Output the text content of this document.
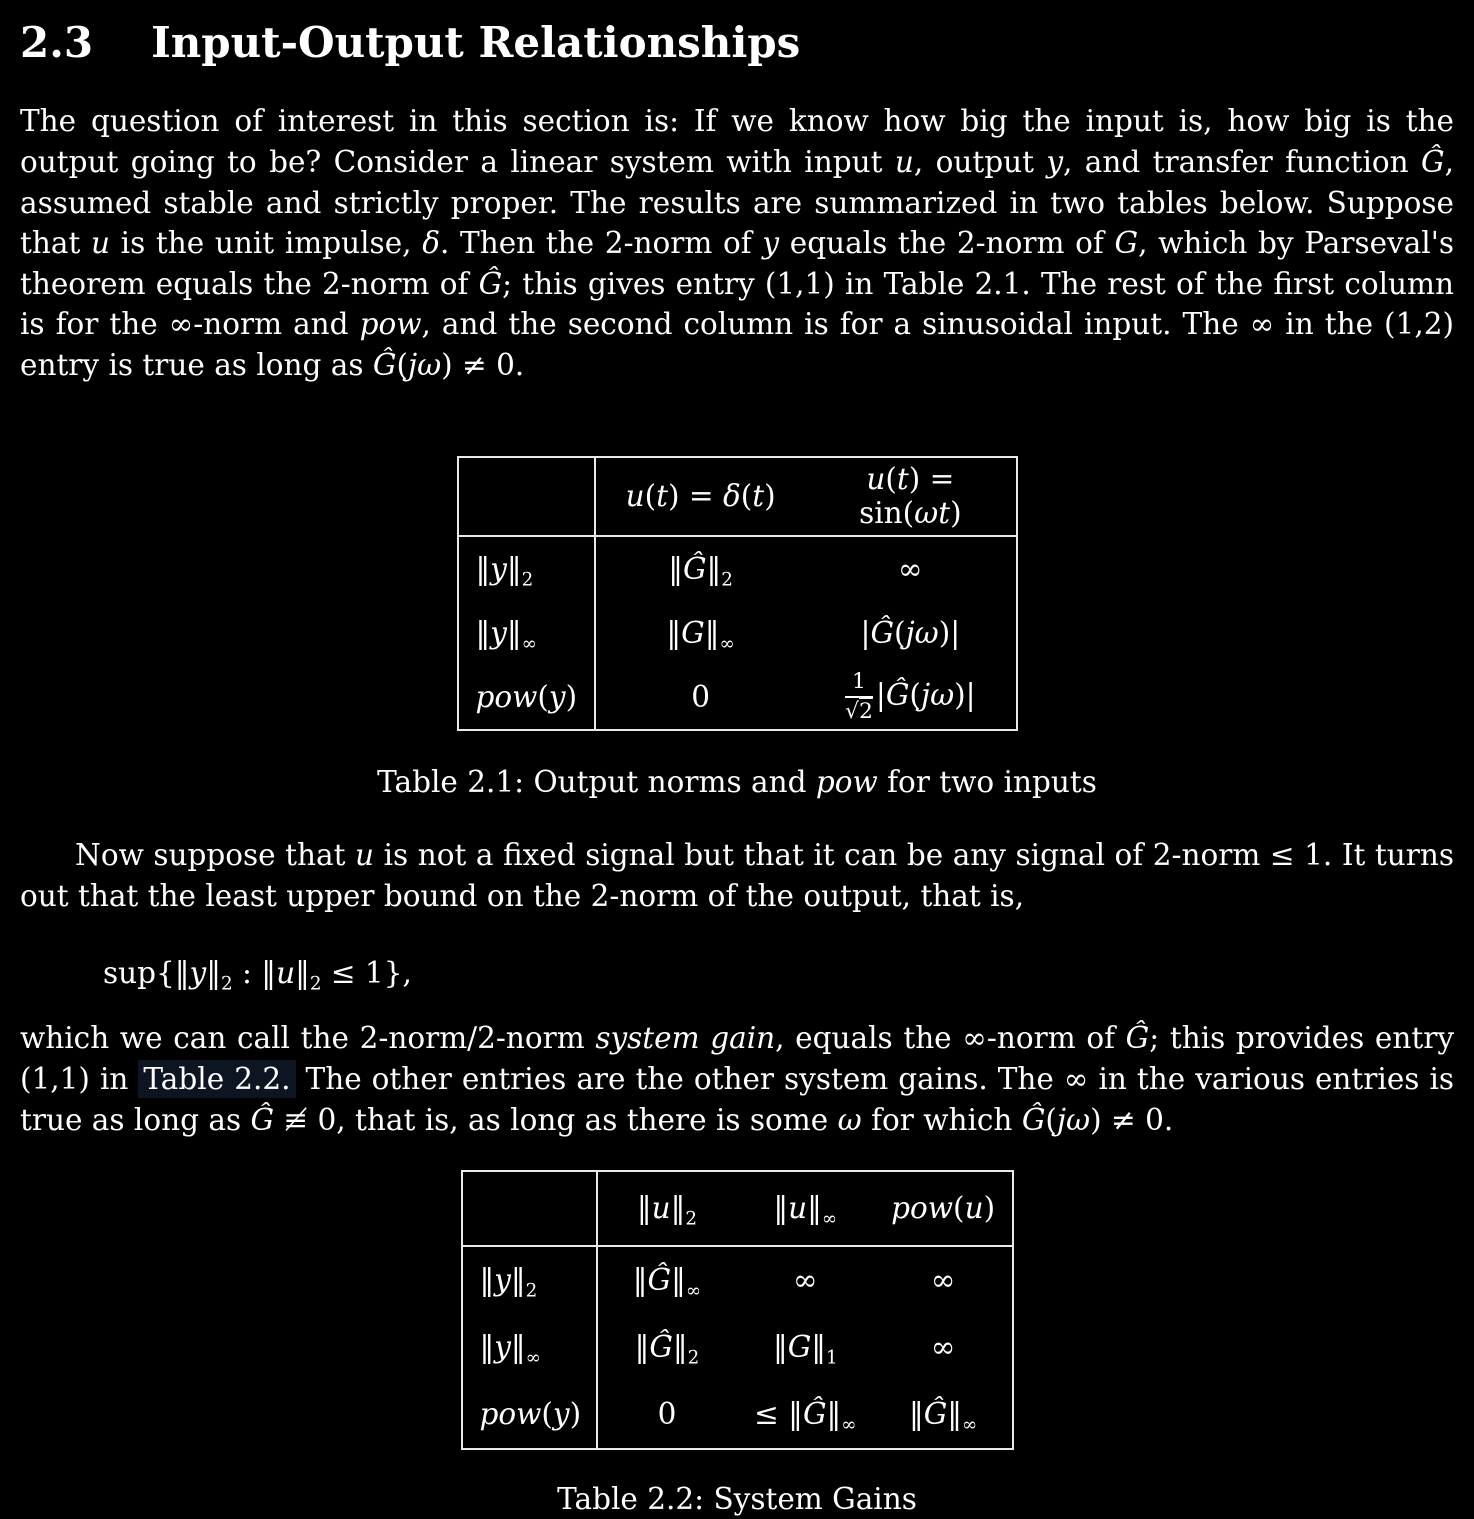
2.3 Input-Output Relationships

The question of interest in this section is: If we know how big the input is, how big is the output going to be? Consider a linear system with input u, output y, and transfer function Ĝ, assumed stable and strictly proper. The results are summarized in two tables below. Suppose that u is the unit impulse, δ. Then the 2-norm of y equals the 2-norm of G, which by Parseval's theorem equals the 2-norm of Ĝ; this gives entry (1,1) in Table 2.1. The rest of the first column is for the ∞-norm and pow, and the second column is for a sinusoidal input. The ∞ in the (1,2) entry is true as long as Ĝ(jω) ≠ 0.

	u(t) = δ(t)	u(t) = sin(ωt)
$‖y‖_2$	$‖Ĝ‖_2$	∞
$‖y‖_\infty$	$‖G‖_\infty$	|Ĝ(jω)|
pow(y)	0	$\frac{1}{√2}$ |Ĝ(jω)|
Table 2.1: Output norms and pow for two inputs

Now suppose that u is not a fixed signal but that it can be any signal of 2-norm ≤ 1. It turns out that the least upper bound on the 2-norm of the output, that is,

$sup\{‖y‖_2$ : $‖u‖_2 \le 1$},

which we can call the 2-norm/2-norm system gain, equals the ∞-norm of Ĝ; this provides entry (1,1) in Table 2.2. The other entries are the other system gains. The ∞ in the various entries is true as long as Ĝ ≢ 0, that is, as long as there is some ω for which Ĝ(jω) ≠ 0.

	$‖u‖_2$	$‖u‖_\infty$	pow(u)
$‖y‖_2$	$‖Ĝ‖_\infty$	∞	∞
$‖y‖_\infty$	$‖Ĝ‖_2$	$‖G‖_1$	∞
pow(y)	0	≤ $‖Ĝ‖_\infty$	$‖Ĝ‖_\infty$
Table 2.2: System Gains
